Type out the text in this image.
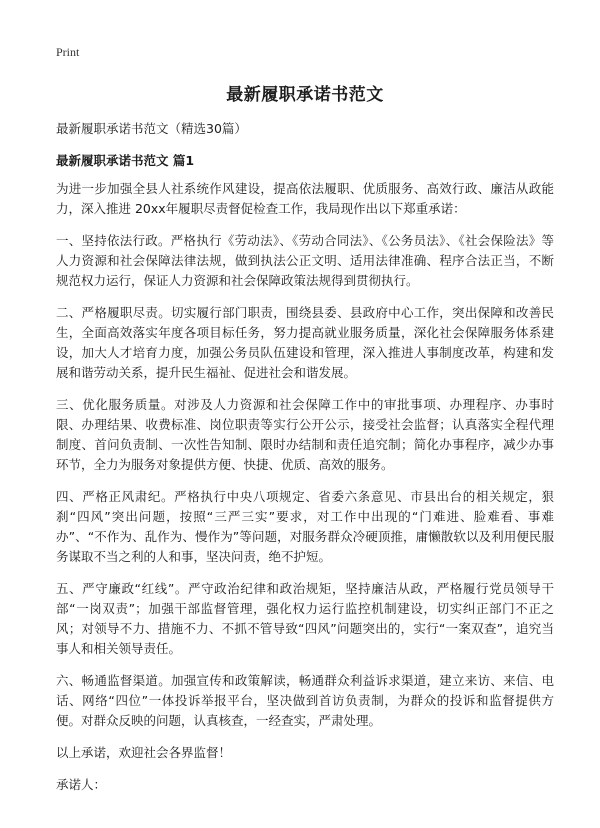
Print
最新履职承诺书范文
最新履职承诺书范文（精选30篇）
最新履职承诺书范文 篇1

为进一步加强全县人社系统作风建设，提高依法履职、优质服务、高效行政、廉洁从政能力，深入推进 20xx年履职尽责督促检查工作，我局现作出以下郑重承诺：

一、坚持依法行政。严格执行《劳动法》、《劳动合同法》、《公务员法》、《社会保险法》等人力资源和社会保障法律法规，做到执法公正文明、适用法律准确、程序合法正当，不断规范权力运行，保证人力资源和社会保障政策法规得到贯彻执行。

二、严格履职尽责。切实履行部门职责，围绕县委、县政府中心工作，突出保障和改善民生，全面高效落实年度各项目标任务，努力提高就业服务质量，深化社会保障服务体系建设，加大人才培育力度，加强公务员队伍建设和管理，深入推进人事制度改革，构建和发展和谐劳动关系，提升民生福祉、促进社会和谐发展。

三、优化服务质量。对涉及人力资源和社会保障工作中的审批事项、办理程序、办事时限、办理结果、收费标准、岗位职责等实行公开公示，接受社会监督；认真落实全程代理制度、首问负责制、一次性告知制、限时办结制和责任追究制；简化办事程序，减少办事环节，全力为服务对象提供方便、快捷、优质、高效的服务。

四、严格正风肃纪。严格执行中央八项规定、省委六条意见、市县出台的相关规定，狠刹“四风”突出问题，按照“三严三实”要求，对工作中出现的“门难进、脸难看、事难办”、“不作为、乱作为、慢作为”等问题，对服务群众冷硬顶推，庸懒散软以及利用便民服务谋取不当之利的人和事，坚决问责，绝不护短。

五、严守廉政“红线”。严守政治纪律和政治规矩，坚持廉洁从政，严格履行党员领导干部“一岗双责”；加强干部监督管理，强化权力运行监控机制建设，切实纠正部门不正之风；对领导不力、措施不力、不抓不管导致“四风”问题突出的，实行“一案双查”，追究当事人和相关领导责任。

六、畅通监督渠道。加强宣传和政策解读，畅通群众利益诉求渠道，建立来访、来信、电话、网络“四位”一体投诉举报平台，坚决做到首访负责制，为群众的投诉和监督提供方便。对群众反映的问题，认真核查，一经查实，严肃处理。

以上承诺，欢迎社会各界监督！

承诺人：
